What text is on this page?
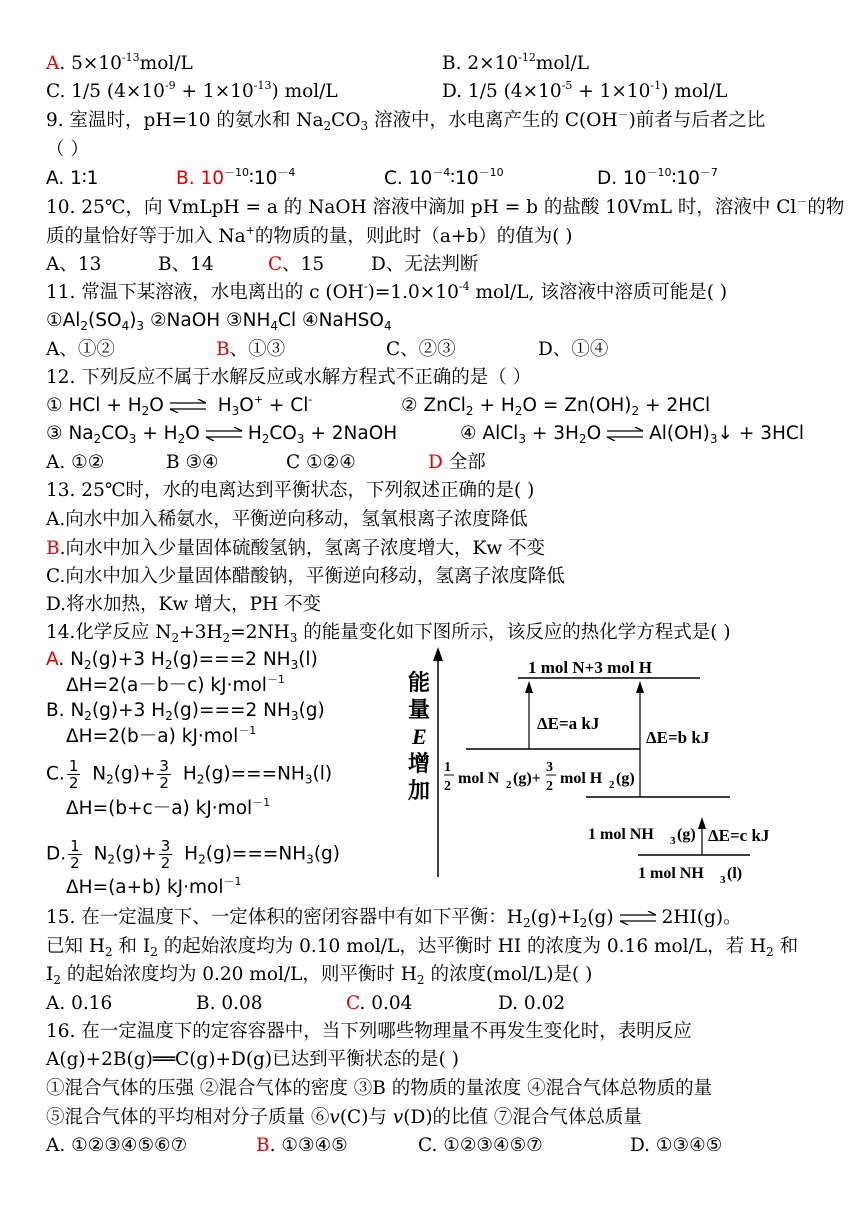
A. $5\times 10^{-13}mol/L$	B. $2\times 10^{-12}mol/L$
C. 1/5 $(4\times 10^{-9} + 1\times 10^{-13})$ mol/L	D. 1/5 $(4\times 10^{-5} + 1\times 10^{-1})$ mol/L
9. 室温时，pH=10 的氨水和 $Na_2CO_3$ 溶液中，水电离产生的 C(OH－)前者与后者之比
（ ）
A. 1∶1	B. $10^{-10}∶10^{-4}$	C. $10^{-4}∶10^{-10}$	D. $10^{-10}∶10^{-7}$
10. 25℃，向 VmLpH = a 的 NaOH 溶液中滴加 pH = b 的盐酸 10VmL 时，溶液中 Cl－的物
质的量恰好等于加入 Na+的物质的量，则此时（a+b）的值为( )
A、13	B、14	C、15	D、无法判断
11. 常温下某溶液，水电离出的 c $(OH^-)=1.0\times 10^{-4}$ mol/L, 该溶液中溶质可能是( )
$①Al_2(SO_4)_3$ ②NaOH $③NH_4Cl$ ④NaHSO$_4$
A、①②	B、①③	C、②③	D、①④
12. 下列反应不属于水解反应或水解方程式不正确的是（ ）
① HCl + $H_2O$ ⇌ $H_3O^+ + Cl^-$	② ZnCl$_2$ + $H_2O = Zn(OH)_2 + 2HCl$
③ $Na_2CO_3 + H_2O$ ⇌ $H_2CO_3$ + 2NaOH	④ AlCl$_3$ + $3H_2O$ ⇌ $Al(OH)_3↓ + 3HCl$
A. ①②	B ③④	C ①②④	D 全部
13. 25℃时，水的电离达到平衡状态，下列叙述正确的是( )
A.向水中加入稀氨水，平衡逆向移动，氢氧根离子浓度降低
B.向水中加入少量固体硫酸氢钠，氢离子浓度增大，Kw 不变
C.向水中加入少量固体醋酸钠，平衡逆向移动，氢离子浓度降低
D.将水加热，Kw 增大，PH 不变
14.化学反应 $N_2+3H_2=2NH_3$ 的能量变化如下图所示，该反应的热化学方程式是( )
A. $N_2(g)+3$ $H_2(g)===2$ $NH_3(l)$
ΔH=2(a－b－c) kJ·mol$^{-1}$
B. $N_2(g)+3$ $H_2(g)===2$ $NH_3(g)$
ΔH=2(b－a) kJ·mol$^{-1}$
C. $\frac{1}{2} N_2(g)+ \frac{3}{2} H_2(g)===NH_3(l)$
ΔH=(b+c－a) kJ·mol$^{-1}$
D. $\frac{1}{2} N_2(g)+ \frac{3}{2} H_2(g)===NH_3(g)$
ΔH=(a+b) kJ·mol$^{-1}$
能
量
E
增
加
1 mol N+3 mol H
1
2 mol N 2 (g)+
3
2 mol H 2 (g)
ΔE=a kJ
ΔE=b kJ
1 mol NH 3 (g) ΔE=c kJ
1 mol NH 3 (l)
15. 在一定温度下、一定体积的密闭容器中有如下平衡：$H_2(g)+I_2(g)$ ⇌ 2HI(g)。
已知 $H_2$ 和 $I_2$ 的起始浓度均为 0.10 mol/L，达平衡时 HI 的浓度为 0.16 mol/L，若 $H_2$ 和
$I_2$ 的起始浓度均为 0.20 mol/L，则平衡时 $H_2$ 的浓度(mol/L)是( )
A. 0.16	B. 0.08	C. 0.04	D. 0.02
16. 在一定温度下的定容容器中，当下列哪些物理量不再发生变化时，表明反应
A(g)+2B(g)══C(g)+D(g)已达到平衡状态的是( )
①混合气体的压强 ②混合气体的密度 ③B 的物质的量浓度 ④混合气体总物质的量
⑤混合气体的平均相对分子质量 ⑥v(C)与 v(D)的比值 ⑦混合气体总质量
A. ①②③④⑤⑥⑦	B. ①③④⑤	C. ①②③④⑤⑦	D. ①③④⑤
